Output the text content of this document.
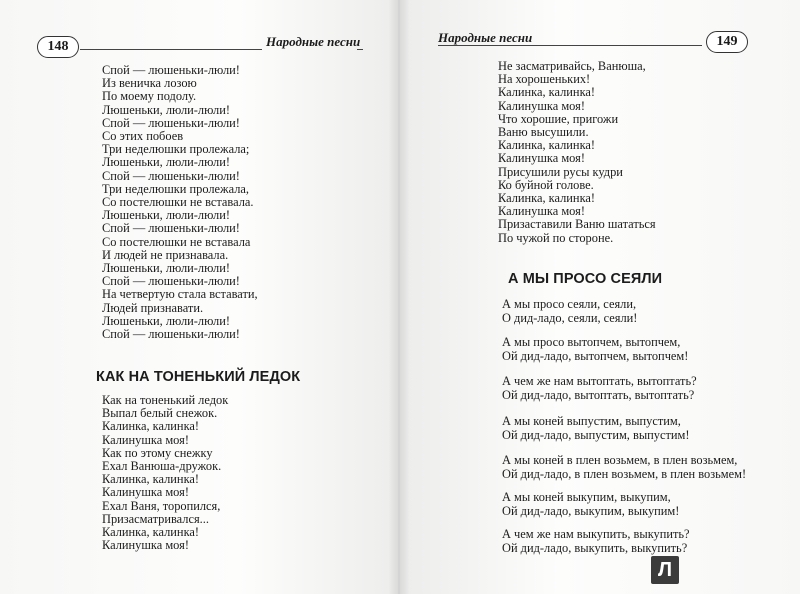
148	Народные песни
Спой — люшеньки-люли!
Из веничка лозою
По моему подолу.
Люшеньки, люли-люли!
Спой — люшеньки-люли!
Со этих побоев
Три неделюшки пролежала;
Люшеньки, люли-люли!
Спой — люшеньки-люли!
Три неделюшки пролежала,
Со постелюшки не вставала.
Люшеньки, люли-люли!
Спой — люшеньки-люли!
Со постелюшки не вставала
И людей не признавала.
Люшеньки, люли-люли!
Спой — люшеньки-люли!
На четвертую стала вставати,
Людей признавати.
Люшеньки, люли-люли!
Спой — люшеньки-люли!
КАК НА ТОНЕНЬКИЙ ЛЕДОК
Как на тоненький ледок
Выпал белый снежок.
Калинка, калинка!
Калинушка моя!
Как по этому снежку
Ехал Ванюша-дружок.
Калинка, калинка!
Калинушка моя!
Ехал Ваня, торопился,
Призасматривался...
Калинка, калинка!
Калинушка моя!
Народные песни	149
Не засматривайсь, Ванюша,
На хорошеньких!
Калинка, калинка!
Калинушка моя!
Что хорошие, пригожи
Ваню высушили.
Калинка, калинка!
Калинушка моя!
Присушили русы кудри
Ко буйной голове.
Калинка, калинка!
Калинушка моя!
Призаставили Ваню шататься
По чужой по стороне.
А МЫ ПРОСО СЕЯЛИ
А мы просо сеяли, сеяли,
О дид-ладо, сеяли, сеяли!
А мы просо вытопчем, вытопчем,
Ой дид-ладо, вытопчем, вытопчем!
А чем же нам вытоптать, вытоптать?
Ой дид-ладо, вытоптать, вытоптать?
А мы коней выпустим, выпустим,
Ой дид-ладо, выпустим, выпустим!
А мы коней в плен возьмем, в плен возьмем,
Ой дид-ладо, в плен возьмем, в плен возьмем!
А мы коней выкупим, выкупим,
Ой дид-ладо, выкупим, выкупим!
А чем же нам выкупить, выкупить?
Ой дид-ладо, выкупить, выкупить?
Л
